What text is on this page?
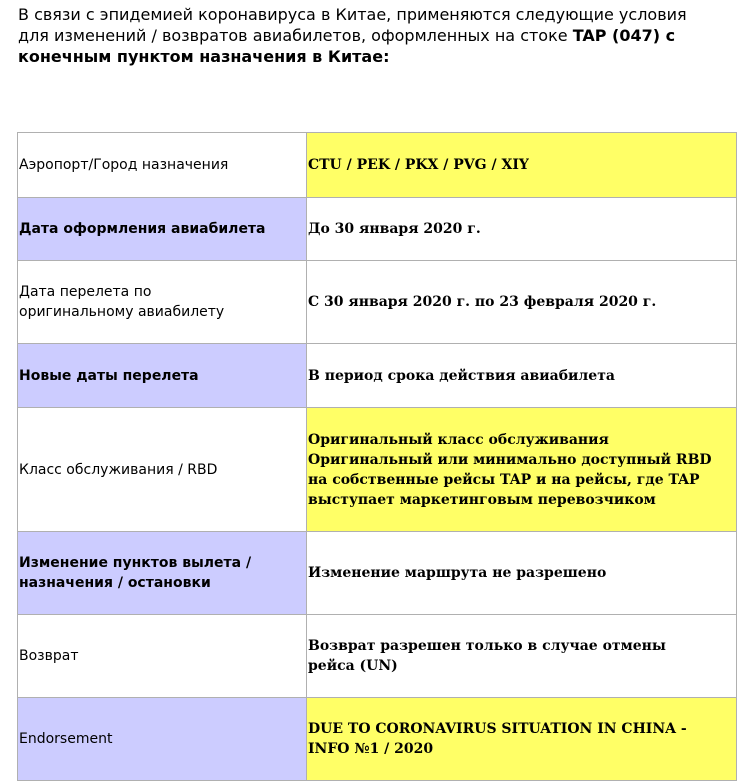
В связи с эпидемией коронавируса в Китае, применяются следующие условия
для изменений / возвратов авиабилетов, оформленных на стоке TAP (047) с
конечным пунктом назначения в Китае:
Аэропорт/Город назначения	CTU / PEK / PKX / PVG / XIY
Дата оформления авиабилета	До 30 января 2020 г.

Дата перелета по
оригинальному авиабилету	С 30 января 2020 г. по 23 февраля 2020 г.
Новые даты перелета	В период срока действия авиабилета
Класс обслуживания / RBD	Оригинальный класс обслуживания
Оригинальный или минимально доступный RBD
на собственные рейсы TAP и на рейсы, где TAP
выступает маркетинговым перевозчиком

Изменение пунктов вылета /
назначения / остановки	Изменение маршрута не разрешено
Возврат	Возврат разрешен только в случае отмены
рейса (UN)

Endorsement	DUE TO CORONAVIRUS SITUATION IN CHINA -
INFO №1 / 2020
